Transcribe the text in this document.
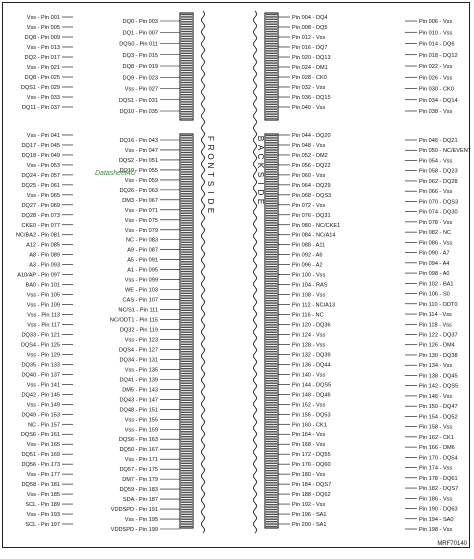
F
R
O
N
T
S
I
D
E
B
A
C
K
S
I
D
E
Vss - Pin 001
Vss - Pin 005
DQ8 - Pin 009
Vss - Pin 013
DQ2 - Pin 017
Vss - Pin 021
DQ8 - Pin 025
DQS1 - Pin 029
Vss - Pin 033
DQ11 - Pin 037
DQ0 - Pin 003
DQ1 - Pin 007
DQS0 - Pin 011
DQ3 - Pin 015
DQ8 - Pin 019
DQ9 - Pin 023
Vss - Pin 027
DQS1 - Pin 031
DQ10 - Pin 035
Vss - Pin 041
DQ17 - Pin 045
DQ18 - Pin 049
Vss - Pin 053
DQ24 - Pin 057
DQ25 - Pin 061
Vss - Pin 065
DQ27 - Pin 069
DQ28 - Pin 073
CKE0 - Pin 077
NC/BA2 - Pin 081
A12 - Pin 085
A8 - Pin 089
A3 - Pin 093
A10/AP - Pin 097
BA0 - Pin 101
Vss - Pin 105
Vss - Pin 109
Vss - Pin 113
Vss - Pin 117
DQ33 - Pin 121
DQS4 - Pin 125
Vss - Pin 129
DQ35 - Pin 133
DQ40 - Pin 137
Vss - Pin 141
DQ42 - Pin 145
Vss - Pin 149
DQ49 - Pin 153
NC - Pin 157
DQS6 - Pin 161
Vss - Pin 165
DQ51 - Pin 169
DQ56 - Pin 173
Vss - Pin 177
DQ58 - Pin 181
Vss - Pin 185
SCL - Pin 189
Vss - Pin 193
SCL - Pin 197
DQ16 - Pin 043
Vss - Pin 047
DQS2 - Pin 051
DQ19 - Pin 055
Vss - Pin 059
DQ26 - Pin 063
DM3 - Pin 067
Vss - Pin 071
Vss - Pin 075
Vss - Pin 079
NC - Pin 083
A9 - Pin 087
A5 - Pin 091
A1 - Pin 095
Vss - Pin 099
WE - Pin 103
CAS - Pin 107
NC/S1 - Pin 111
NC/ODT1 - Pin 115
DQ32 - Pin 119
Vss - Pin 123
DQS4 - Pin 127
DQ34 - Pin 131
Vss - Pin 135
DQ41 - Pin 139
DM5 - Pin 143
DQ43 - Pin 147
DQ48 - Pin 151
Vss - Pin 155
Vss - Pin 159
DQS6 - Pin 163
DQ50 - Pin 167
Vss - Pin 171
DQ57 - Pin 175
DM7 - Pin 179
DQ59 - Pin 183
SDA - Pin 187
VDDSPD - Pin 191
Vss - Pin 195
VDDSPD - Pin 199
Pin 004 - DQ4
Pin 008 - DQ5
Pin 012 - Vss
Pin 016 - DQ7
Pin 020 - DQ13
Pin 024 - DM1
Pin 028 - CK0
Pin 032 - Vss
Pin 036 - DQ15
Pin 040 - Vss
Pin 006 - Vss
Pin 010 - Vss
Pin 014 - DQ6
Pin 018 - DQ12
Pin 022 - Vss
Pin 026 - Vss
Pin 030 - CK0
Pin 034 - DQ14
Pin 038 - Vss
Pin 044 - DQ20
Pin 048 - Vss
Pin 052 - DM2
Pin 056 - DQ22
Pin 060 - Vss
Pin 064 - DQ29
Pin 068 - DQS3
Pin 072 - Vss
Pin 076 - DQ31
Pin 080 - NC/CKE1
Pin 084 - NC/A14
Pin 088 - A11
Pin 092 - A6
Pin 096 - A2
Pin 100 - Vss
Pin 104 - RAS
Pin 108 - Vss
Pin 112 - NC/A13
Pin 116 - NC
Pin 120 - DQ36
Pin 124 - Vss
Pin 128 - Vss
Pin 132 - DQ39
Pin 136 - DQ44
Pin 140 - Vss
Pin 144 - DQS5
Pin 148 - DQ46
Pin 152 - Vss
Pin 156 - DQ53
Pin 160 - CK1
Pin 164 - Vss
Pin 168 - Vss
Pin 172 - DQ55
Pin 176 - DQ60
Pin 180 - Vss
Pin 184 - DQS7
Pin 188 - DQ62
Pin 192 - Vss
Pin 196 - SA1
Pin 200 - SA1
Pin 046 - DQ21
Pin 050 - NC/EVENT
Pin 054 - Vss
Pin 058 - DQ23
Pin 062 - DQ28
Pin 066 - Vss
Pin 070 - DQS3
Pin 074 - DQ30
Pin 078 - Vss
Pin 082 - NC
Pin 086 - Vss
Pin 090 - A7
Pin 094 - A4
Pin 098 - A0
Pin 102 - BA1
Pin 106 - S0
Pin 110 - ODT0
Pin 114 - Vss
Pin 118 - Vss
Pin 122 - DQ37
Pin 126 - DM4
Pin 130 - DQ38
Pin 134 - Vss
Pin 138 - DQ45
Pin 142 - DQS5
Pin 146 - Vss
Pin 150 - DQ47
Pin 154 - DQ52
Pin 158 - Vss
Pin 162 - CK1
Pin 166 - DM6
Pin 170 - DQ54
Pin 174 - Vss
Pin 178 - DQ61
Pin 182 - DQS7
Pin 186 - Vss
Pin 190 - DQ63
Pin 194 - SA0
Pin 198 - Vss
Datasheet4U
MRF70140
